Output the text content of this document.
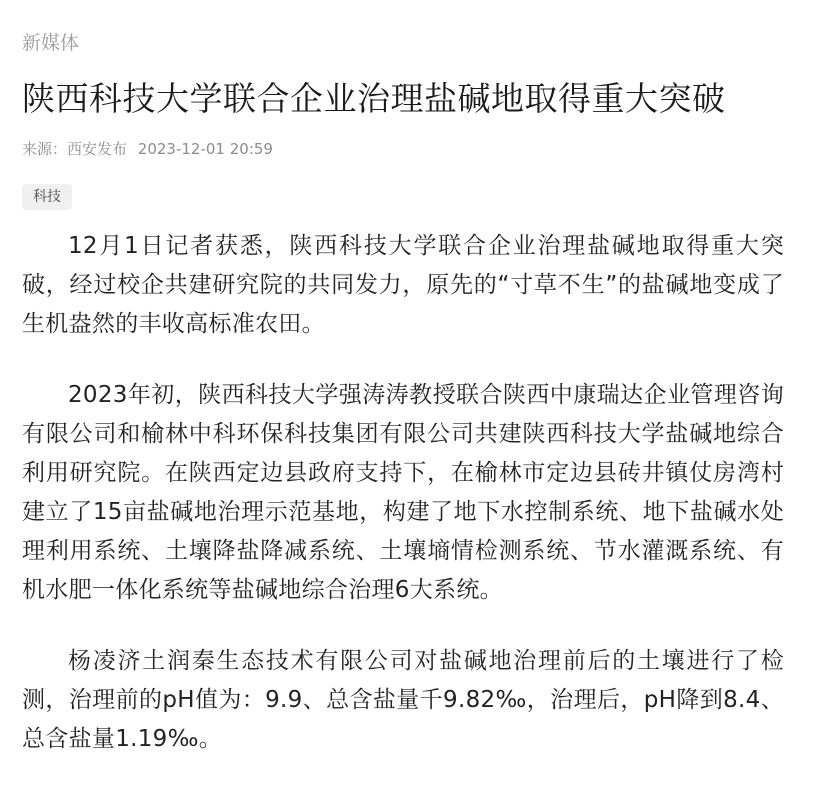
新媒体
陕西科技大学联合企业治理盐碱地取得重大突破
来源：西安发布 2023-12-01 20:59
科技

12月1日记者获悉，陕西科技大学联合企业治理盐碱地取得重大突破，经过校企共建研究院的共同发力，原先的“寸草不生”的盐碱地变成了生机盎然的丰收高标准农田。

2023年初，陕西科技大学强涛涛教授联合陕西中康瑞达企业管理咨询有限公司和榆林中科环保科技集团有限公司共建陕西科技大学盐碱地综合利用研究院。在陕西定边县政府支持下，在榆林市定边县砖井镇仗房湾村建立了15亩盐碱地治理示范基地，构建了地下水控制系统、地下盐碱水处理利用系统、土壤降盐降减系统、土壤墒情检测系统、节水灌溉系统、有机水肥一体化系统等盐碱地综合治理6大系统。

杨凌济土润秦生态技术有限公司对盐碱地治理前后的土壤进行了检测，治理前的pH值为：9.9、总含盐量千9.82‰，治理后，pH降到8.4、总含盐量1.19‰。
